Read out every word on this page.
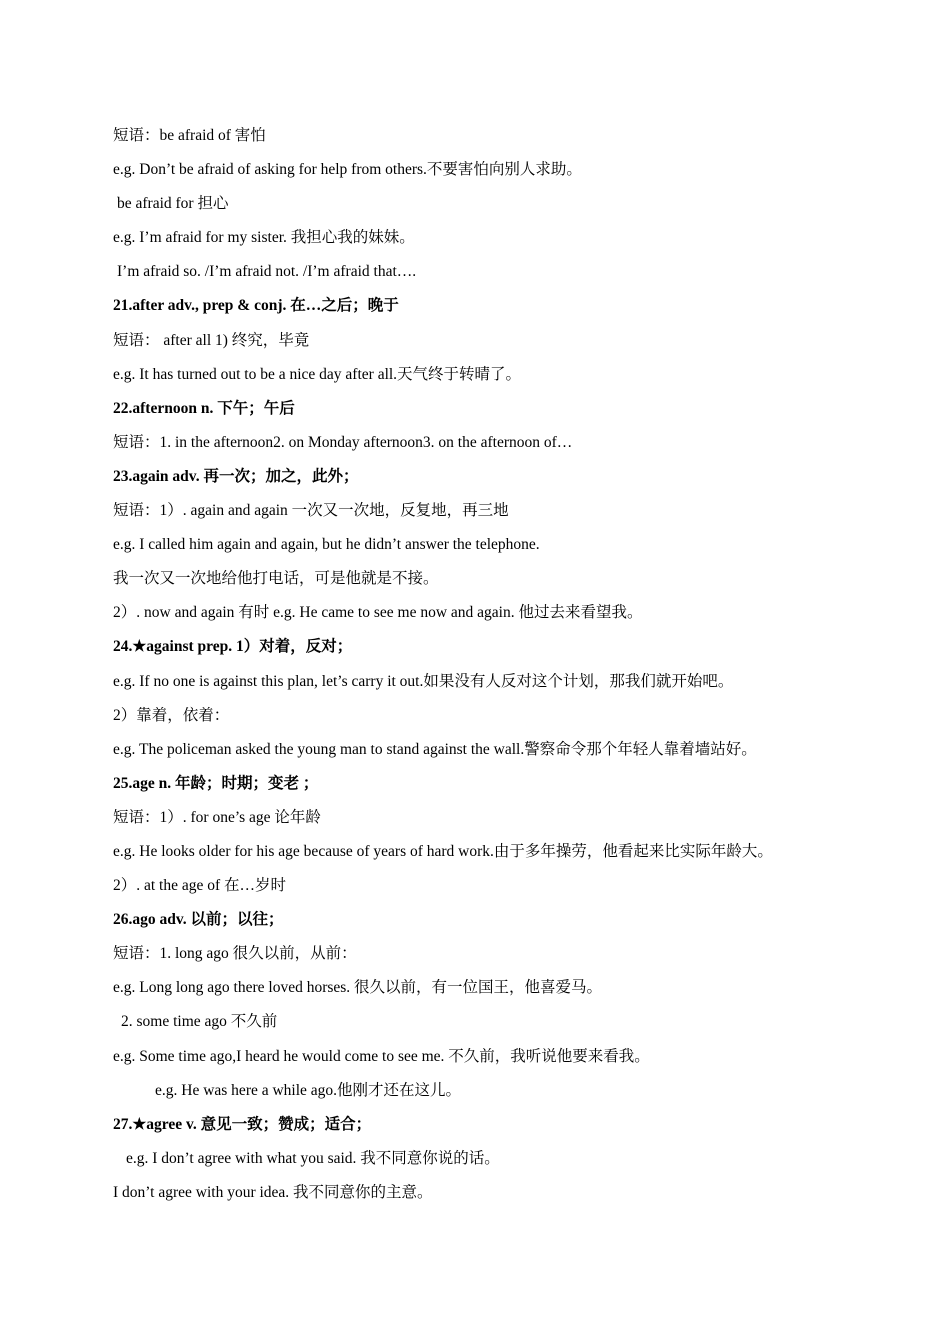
短语：be afraid of 害怕
e.g. Don’t be afraid of asking for help from others.不要害怕向别人求助。
be afraid for 担心
e.g. I’m afraid for my sister. 我担心我的妹妹。
I’m afraid so. /I’m afraid not. /I’m afraid that….
21.after adv., prep & conj. 在…之后；晚于
短语： after all 1) 终究，毕竟
e.g. It has turned out to be a nice day after all.天气终于转晴了。
22.afternoon n. 下午；午后
短语：1. in the afternoon2. on Monday afternoon3. on the afternoon of…
23.again adv. 再一次；加之，此外；
短语：1）. again and again 一次又一次地，反复地，再三地
e.g. I called him again and again, but he didn’t answer the telephone.
我一次又一次地给他打电话，可是他就是不接。
2）. now and again 有时 e.g. He came to see me now and again. 他过去来看望我。
24.★against prep. 1）对着，反对；
e.g. If no one is against this plan, let’s carry it out.如果没有人反对这个计划，那我们就开始吧。
2）靠着，依着：
e.g. The policeman asked the young man to stand against the wall.警察命令那个年轻人靠着墙站好。
25.age n. 年龄；时期；变老 ；
短语：1）. for one’s age 论年龄
e.g. He looks older for his age because of years of hard work.由于多年操劳，他看起来比实际年龄大。
2）. at the age of 在…岁时
26.ago adv. 以前；以往；
短语：1. long ago 很久以前，从前：
e.g. Long long ago there loved horses. 很久以前，有一位国王，他喜爱马。
2. some time ago 不久前
e.g. Some time ago,I heard he would come to see me. 不久前，我听说他要来看我。
e.g. He was here a while ago.他刚才还在这儿。
27.★agree v. 意见一致；赞成；适合；
e.g. I don’t agree with what you said. 我不同意你说的话。
I don’t agree with your idea. 我不同意你的主意。
